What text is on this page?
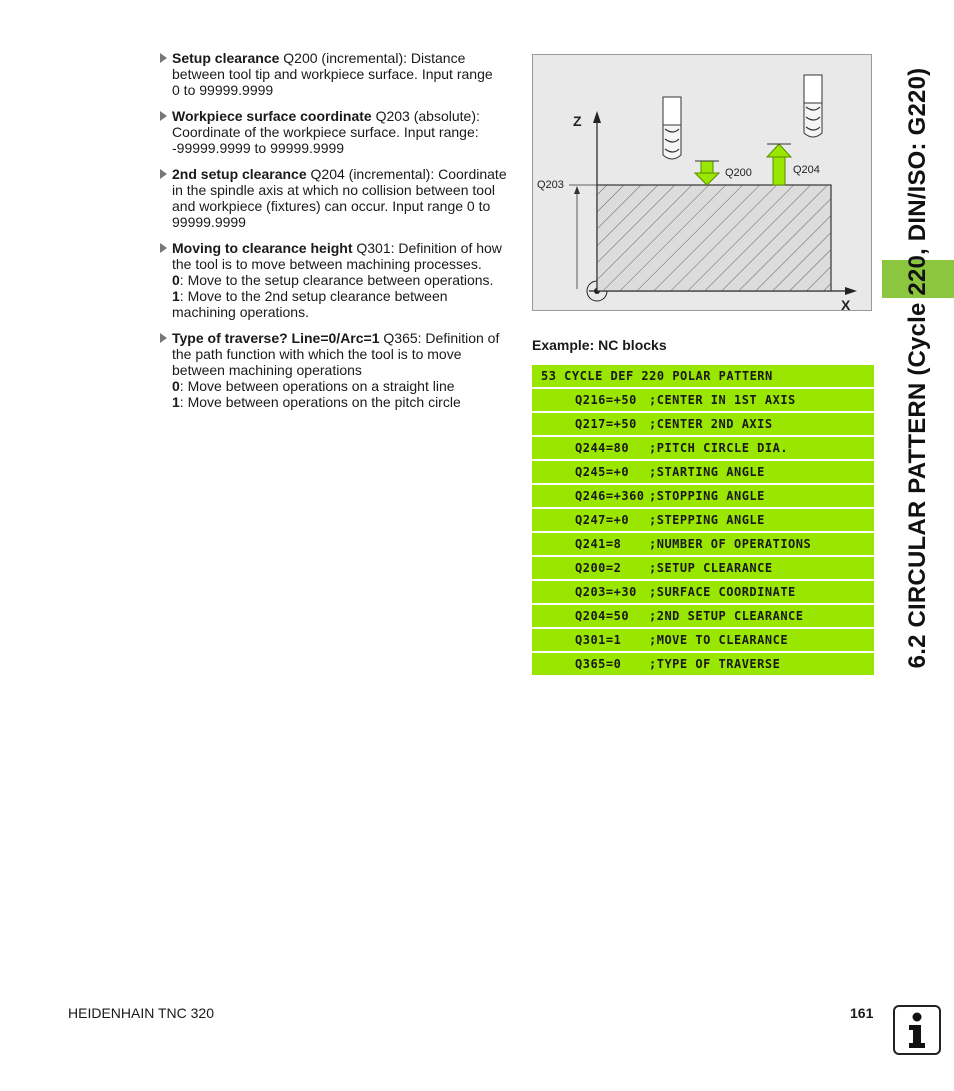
Setup clearance Q200 (incremental): Distance
between tool tip and workpiece surface. Input range
0 to 99999.9999
Workpiece surface coordinate Q203 (absolute):
Coordinate of the workpiece surface. Input range:
-99999.9999 to 99999.9999
2nd setup clearance Q204 (incremental): Coordinate
in the spindle axis at which no collision between tool
and workpiece (fixtures) can occur. Input range 0 to
99999.9999
Moving to clearance height Q301: Definition of how
the tool is to move between machining processes.
0: Move to the setup clearance between operations.
1: Move to the 2nd setup clearance between
machining operations.
Type of traverse? Line=0/Arc=1 Q365: Definition of
the path function with which the tool is to move
between machining operations
0: Move between operations on a straight line
1: Move between operations on the pitch circle
Z
X
Q203
Q200	Q204
Example: NC blocks
53 CYCLE DEF 220 POLAR PATTERN
Q216=+50 ;CENTER IN 1ST AXIS
Q217=+50 ;CENTER 2ND AXIS
Q244=80 ;PITCH CIRCLE DIA.
Q245=+0 ;STARTING ANGLE
Q246=+360 ;STOPPING ANGLE
Q247=+0 ;STEPPING ANGLE
Q241=8 ;NUMBER OF OPERATIONS
Q200=2 ;SETUP CLEARANCE
Q203=+30 ;SURFACE COORDINATE
Q204=50 ;2ND SETUP CLEARANCE
Q301=1 ;MOVE TO CLEARANCE
Q365=0 ;TYPE OF TRAVERSE	6.2 CIRCULAR PATTERN (Cycle 220, DIN/ISO: G220)
HEIDENHAIN TNC 320	161
